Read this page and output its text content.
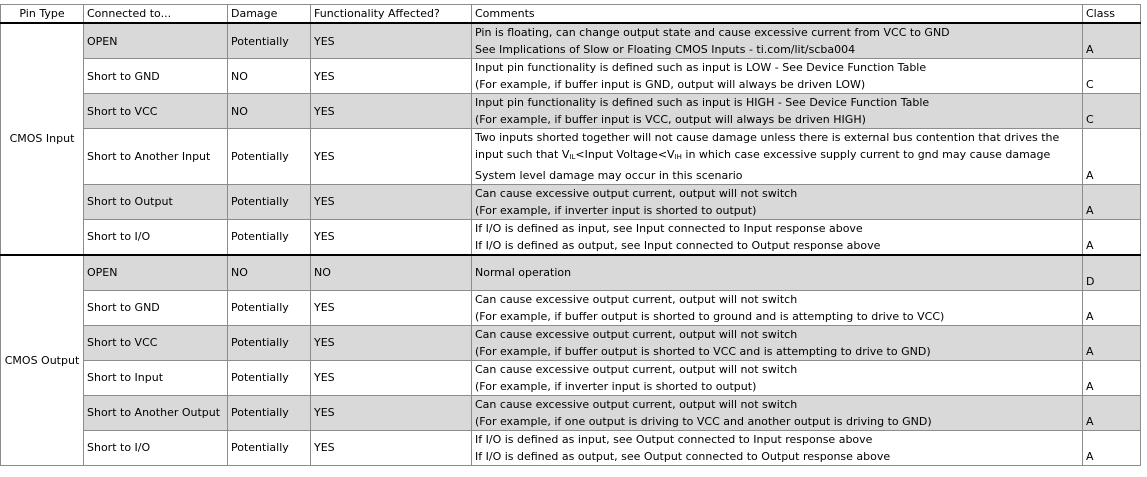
Pin Type	Connected to...	Damage	Functionality Affected?	Comments	Class
CMOS Input	OPEN	Potentially	YES	Pin is floating, can change output state and cause excessive current from VCC to GND
See Implications of Slow or Floating CMOS Inputs - ti.com/lit/scba004	A
	Short to GND	NO	YES	Input pin functionality is defined such as input is LOW - See Device Function Table
(For example, if buffer input is GND, output will always be driven LOW)	C
	Short to VCC	NO	YES	Input pin functionality is defined such as input is HIGH - See Device Function Table
(For example, if buffer input is VCC, output will always be driven HIGH)	C
	Short to Another Input	Potentially	YES	Two inputs shorted together will not cause damage unless there is external bus contention that drives the
input such that $V_{IL}<Input$ $Voltage<V_{IH}$ in which case excessive supply current to gnd may cause damage
System level damage may occur in this scenario	A
	Short to Output	Potentially	YES	Can cause excessive output current, output will not switch
(For example, if inverter input is shorted to output)	A
	Short to I/O	Potentially	YES	If I/O is defined as input, see Input connected to Input response above
If I/O is defined as output, see Input connected to Output response above	A
CMOS Output	OPEN	NO	NO	Normal operation	D
	Short to GND	Potentially	YES	Can cause excessive output current, output will not switch
(For example, if buffer output is shorted to ground and is attempting to drive to VCC)	A
	Short to VCC	Potentially	YES	Can cause excessive output current, output will not switch
(For example, if buffer output is shorted to VCC and is attempting to drive to GND)	A
	Short to Input	Potentially	YES	Can cause excessive output current, output will not switch
(For example, if inverter input is shorted to output)	A
	Short to Another Output	Potentially	YES	Can cause excessive output current, output will not switch
(For example, if one output is driving to VCC and another output is driving to GND)	A
	Short to I/O	Potentially	YES	If I/O is defined as input, see Output connected to Input response above
If I/O is defined as output, see Output connected to Output response above	A
